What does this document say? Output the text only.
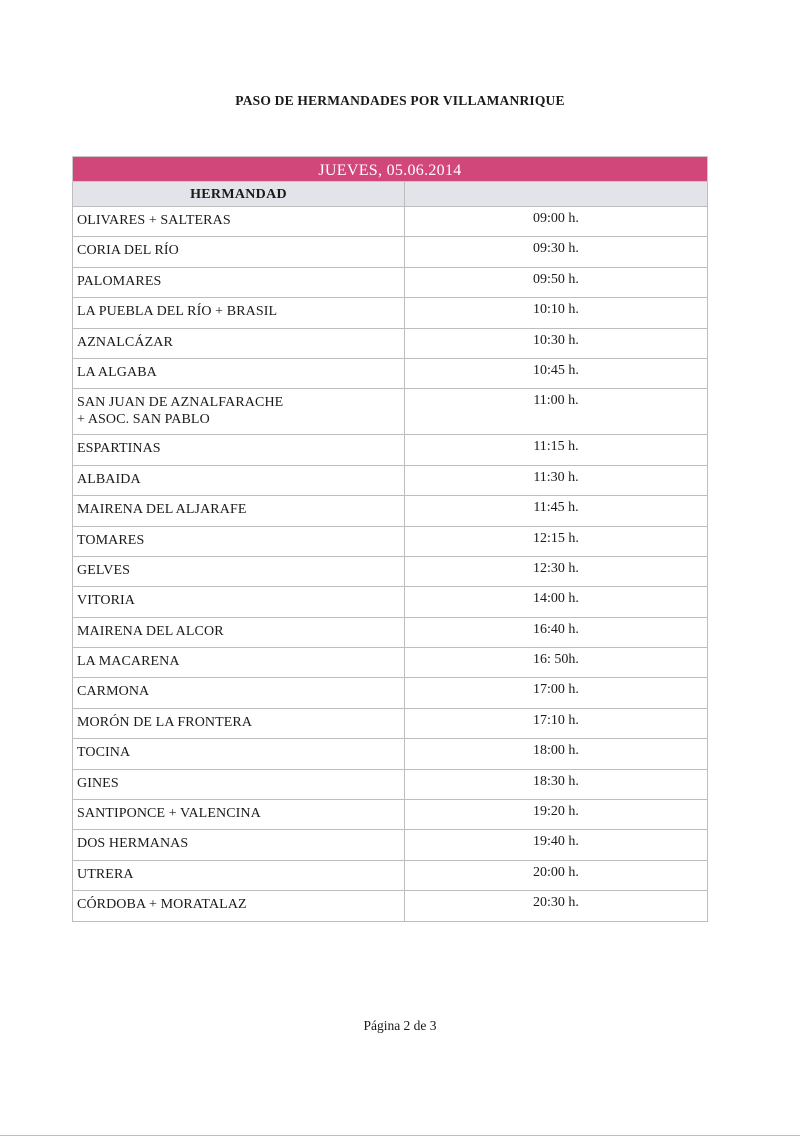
PASO DE HERMANDADES POR VILLAMANRIQUE
JUEVES, 05.06.2014	
HERMANDAD	

OLIVARES + SALTERAS	09:00 h.

CORIA DEL RÍO	09:30 h.

PALOMARES	09:50 h.

LA PUEBLA DEL RÍO + BRASIL	10:10 h.

AZNALCÁZAR	10:30 h.

LA ALGABA	10:45 h.

SAN JUAN DE AZNALFARACHE
+ ASOC. SAN PABLO	11:00 h.

ESPARTINAS	11:15 h.

ALBAIDA	11:30 h.

MAIRENA DEL ALJARAFE	11:45 h.

TOMARES	12:15 h.

GELVES	12:30 h.

VITORIA	14:00 h.

MAIRENA DEL ALCOR	16:40 h.

LA MACARENA	16: 50h.

CARMONA	17:00 h.

MORÓN DE LA FRONTERA	17:10 h.

TOCINA	18:00 h.

GINES	18:30 h.

SANTIPONCE + VALENCINA	19:20 h.

DOS HERMANAS	19:40 h.

UTRERA	20:00 h.

CÓRDOBA + MORATALAZ	20:30 h.
Página 2 de 3
